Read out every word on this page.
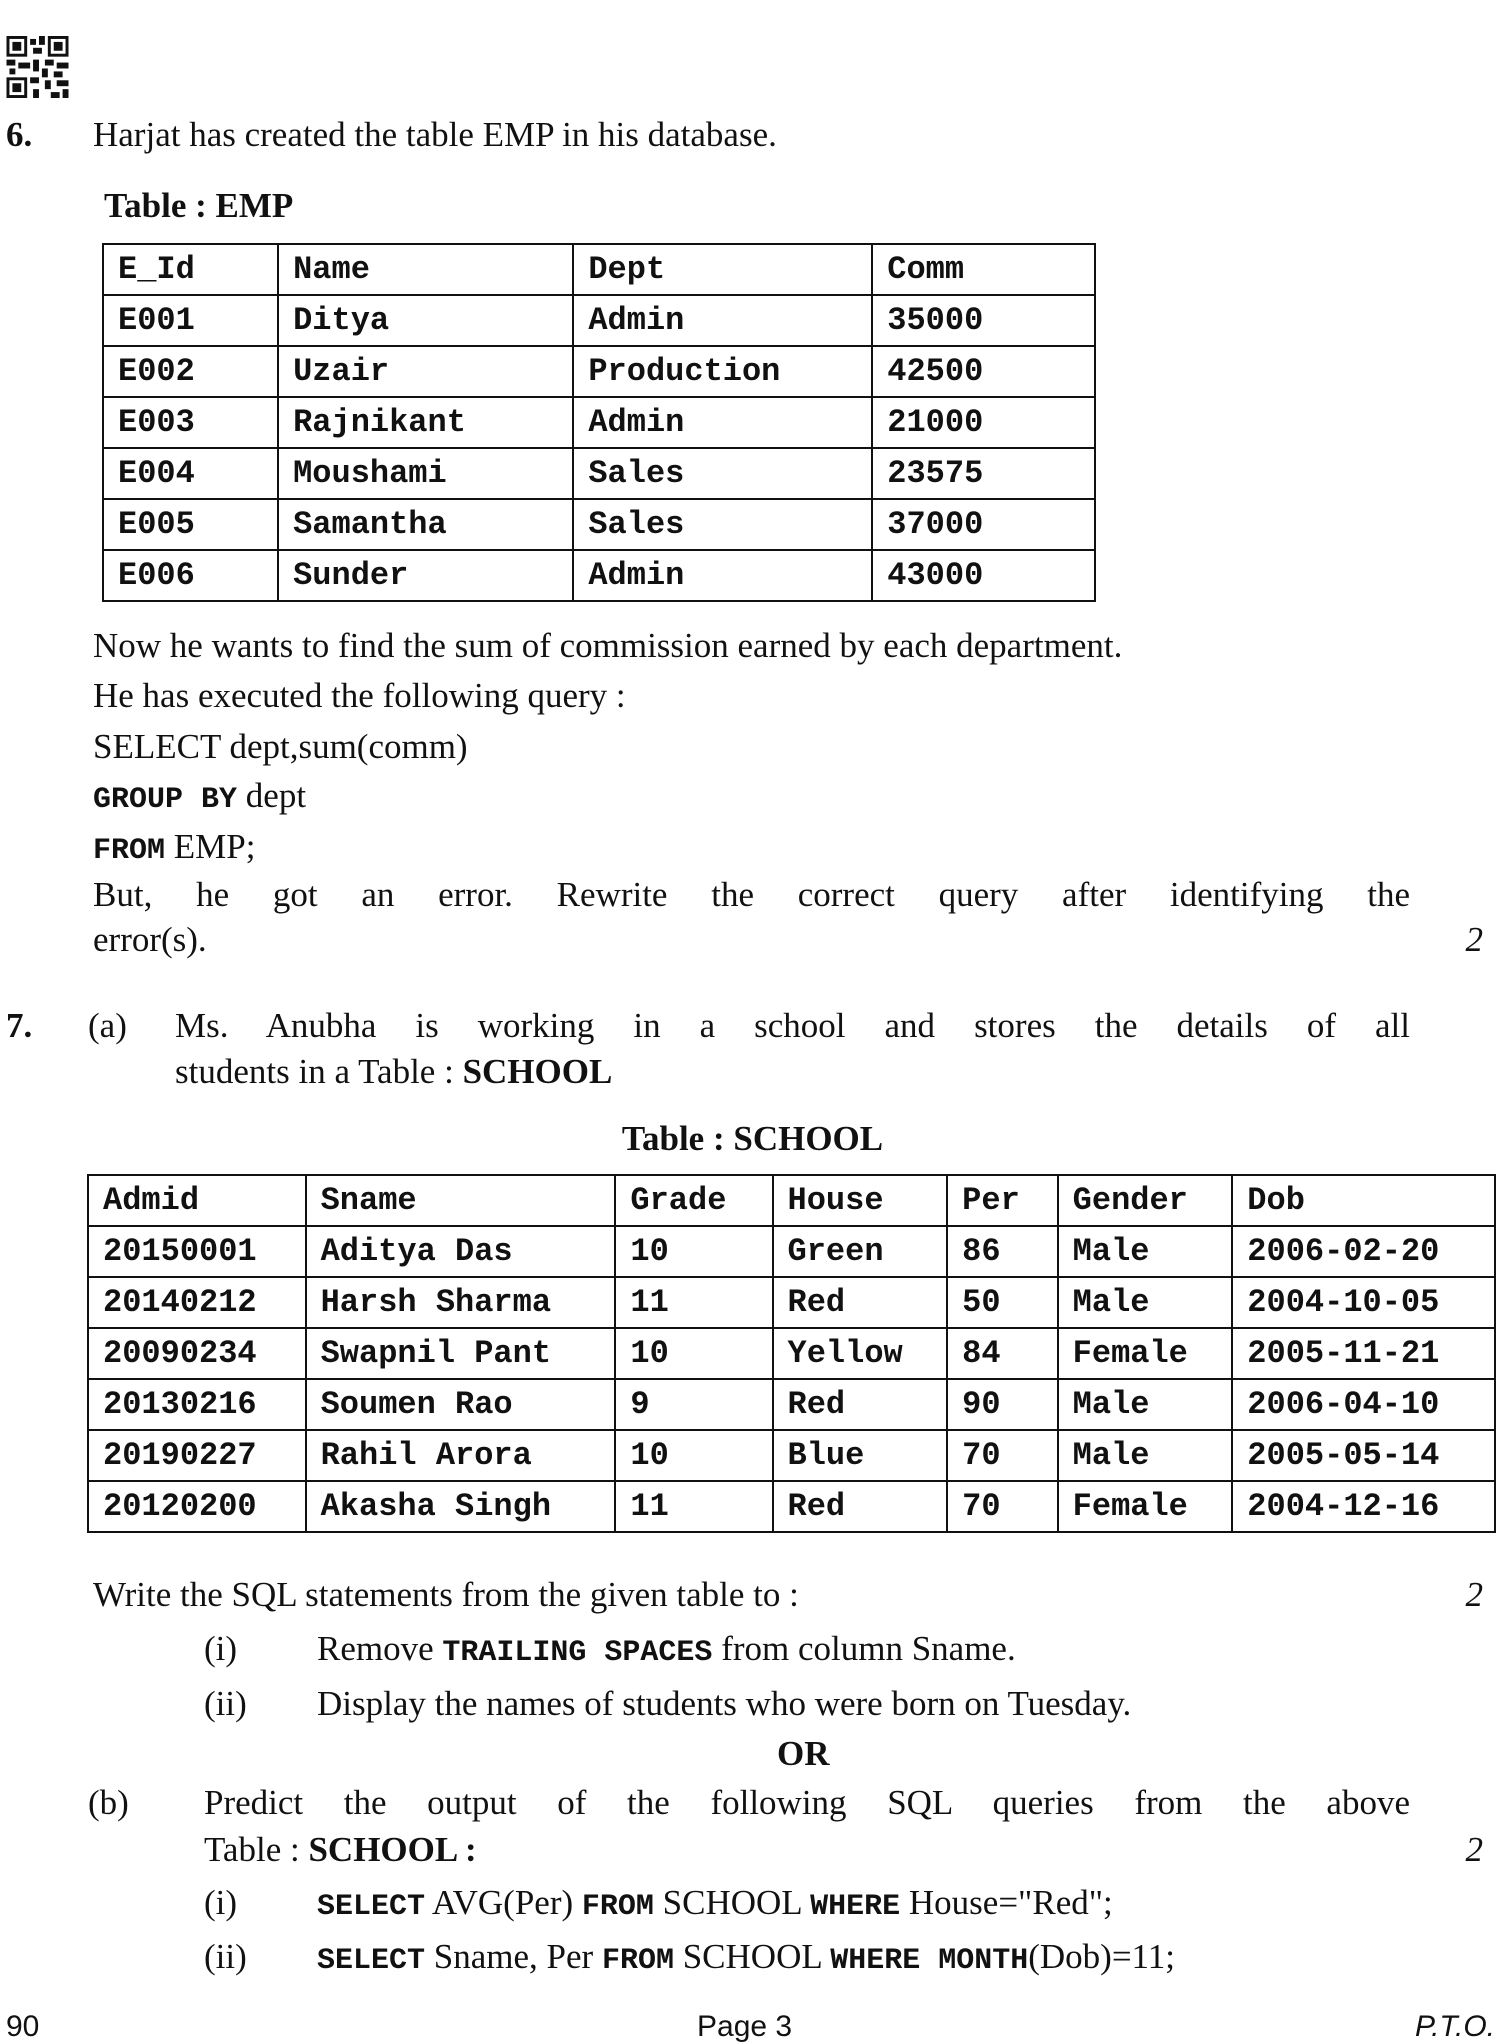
6. Harjat has created the table EMP in his database.
Table : EMP
E_Id	Name	Dept	Comm
E001	Ditya	Admin	35000
E002	Uzair	Production	42500
E003	Rajnikant	Admin	21000
E004	Moushami	Sales	23575
E005	Samantha	Sales	37000
E006	Sunder	Admin	43000
Now he wants to find the sum of commission earned by each department.
He has executed the following query :
SELECT dept,sum(comm)
GROUP BY dept
FROM EMP;
But, he got an error. Rewrite the correct query after identifying the
error(s).	2
7. (a) Ms. Anubha is working in a school and stores the details of all
students in a Table : SCHOOL
Table : SCHOOL
Admid	Sname	Grade	House	Per	Gender	Dob
20150001	Aditya Das	10	Green	86	Male	2006-02-20
20140212	Harsh Sharma	11	Red	50	Male	2004-10-05
20090234	Swapnil Pant	10	Yellow	84	Female	2005-11-21
20130216	Soumen Rao	9	Red	90	Male	2006-04-10
20190227	Rahil Arora	10	Blue	70	Male	2005-05-14
20120200	Akasha Singh	11	Red	70	Female	2004-12-16
Write the SQL statements from the given table to :	2
(i) Remove TRAILING SPACES from column Sname.
(ii) Display the names of students who were born on Tuesday.
OR
(b) Predict the output of the following SQL queries from the above
Table : SCHOOL :	2
(i)	SELECT AVG(Per) FROM SCHOOL WHERE House="Red";
(ii) SELECT Sname, Per FROM SCHOOL WHERE MONTH(Dob)=11;
90	Page 3	P.T.O.
